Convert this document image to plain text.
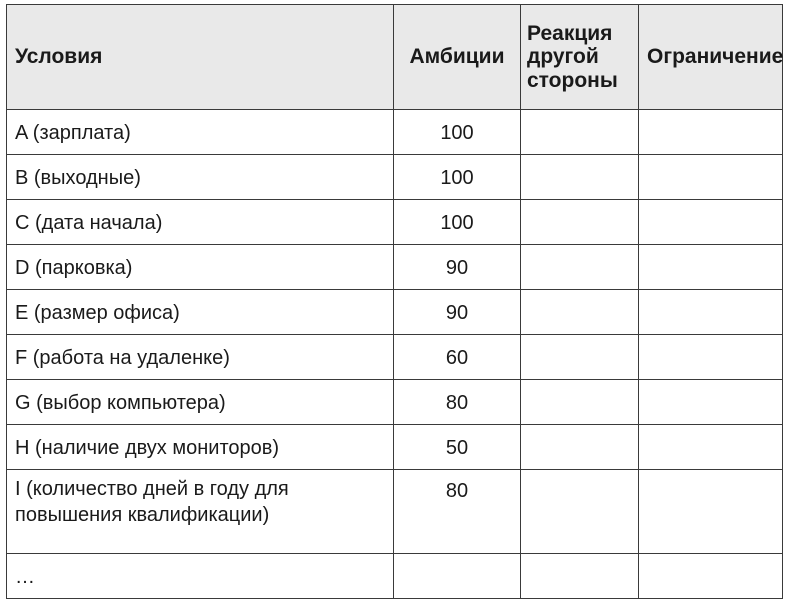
Условия	Амбиции	Реакция другой стороны	Ограничение
A (зарплата)	100		
B (выходные)	100		
C (дата начала)	100		
D (парковка)	90		
E (размер офиса)	90		
F (работа на удаленке)	60		
G (выбор компьютера)	80		
H (наличие двух мониторов)	50		
I (количество дней в году для повышения квалификации)	80		
…			
